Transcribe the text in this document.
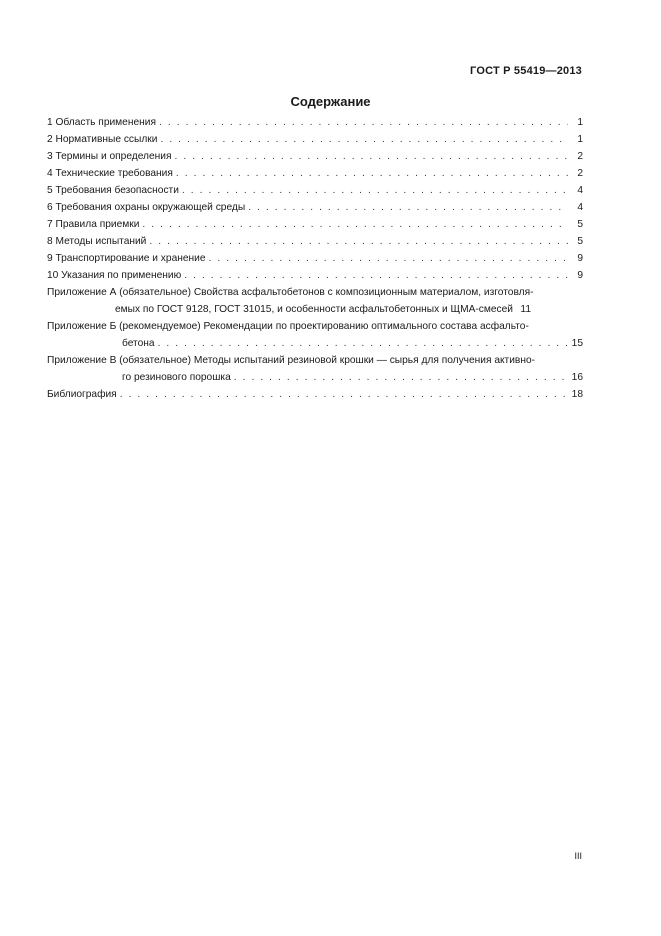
ГОСТ Р 55419—2013
Содержание
1 Область применения . . .	1
2 Нормативные ссылки . . .	1
3 Термины и определения . . .	2
4 Технические требования . . .	2
5 Требования безопасности . . .	4
6 Требования охраны окружающей среды . . .	4
7 Правила приемки . . .	5
8 Методы испытаний . . .	5
9 Транспортирование и хранение . . .	9
10 Указания по применению . . .	9
Приложение А (обязательное) Свойства асфальтобетонов с композиционным материалом, изготовля-
емых по ГОСТ 9128, ГОСТ 31015, и особенности асфальтобетонных и ЩМА-смесей 11
Приложение Б (рекомендуемое) Рекомендации по проектированию оптимального состава асфальто-
бетона . . .	15
Приложение В (обязательное) Методы испытаний резиновой крошки — сырья для получения активно-
го резинового порошка . . .	16
Библиография . . .	18
III
